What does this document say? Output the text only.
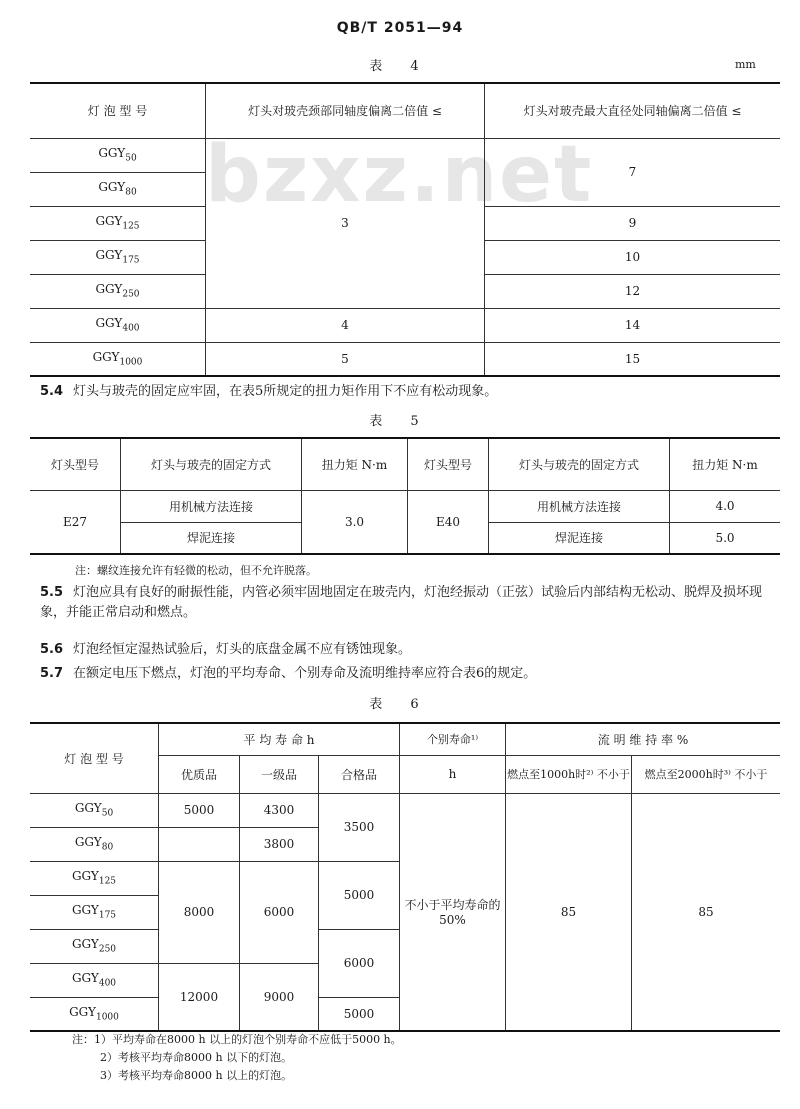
QB/T 2051—94
bzxz.net
表 4	mm
灯 泡 型 号	灯头对玻壳颈部同轴度偏离二倍值 ≤	灯头对玻壳最大直径处同轴偏离二倍值 ≤
$GGY_{50}$	3	7
$GGY_{80}$
$GGY_{125}$		9
$GGY_{175}$		10
$GGY_{250}$		12
$GGY_{400}$	4	14
$GGY_{1000}$	5	15
5.4 灯头与玻壳的固定应牢固，在表5所规定的扭力矩作用下不应有松动现象。
表 5
灯头型号	灯头与玻壳的固定方式	扭力矩 N·m	灯头型号	灯头与玻壳的固定方式	扭力矩 N·m
E27	用机械方法连接	3.0	E40	用机械方法连接	4.0
	焊泥连接			焊泥连接	5.0
注：螺纹连接允许有轻微的松动，但不允许脱落。
5.5 灯泡应具有良好的耐振性能，内管必须牢固地固定在玻壳内，灯泡经振动（正弦）试验后内部结构无松动、脱焊及损坏现象，并能正常启动和燃点。
5.6 灯泡经恒定湿热试验后，灯头的底盘金属不应有锈蚀现象。
5.7 在额定电压下燃点，灯泡的平均寿命、个别寿命及流明维持率应符合表6的规定。
表 6
灯 泡 型 号	平 均 寿 命 h			个别寿命¹⁾	流 明 维 持 率 %	
	优质品	一级品	合格品	h	燃点至1000h时²⁾ 不小于	燃点至2000h时³⁾ 不小于
$GGY_{50}$	5000	4300	3500	不小于平均寿命的50%	85	85
$GGY_{80}$		3800				
$GGY_{125}$	8000	6000	5000			
$GGY_{175}$
$GGY_{250}$			6000			
$GGY_{400}$	12000	9000				
$GGY_{1000}$			5000			
注：1）平均寿命在8000 h 以上的灯泡个别寿命不应低于5000 h。
2）考核平均寿命8000 h 以下的灯泡。
3）考核平均寿命8000 h 以上的灯泡。
